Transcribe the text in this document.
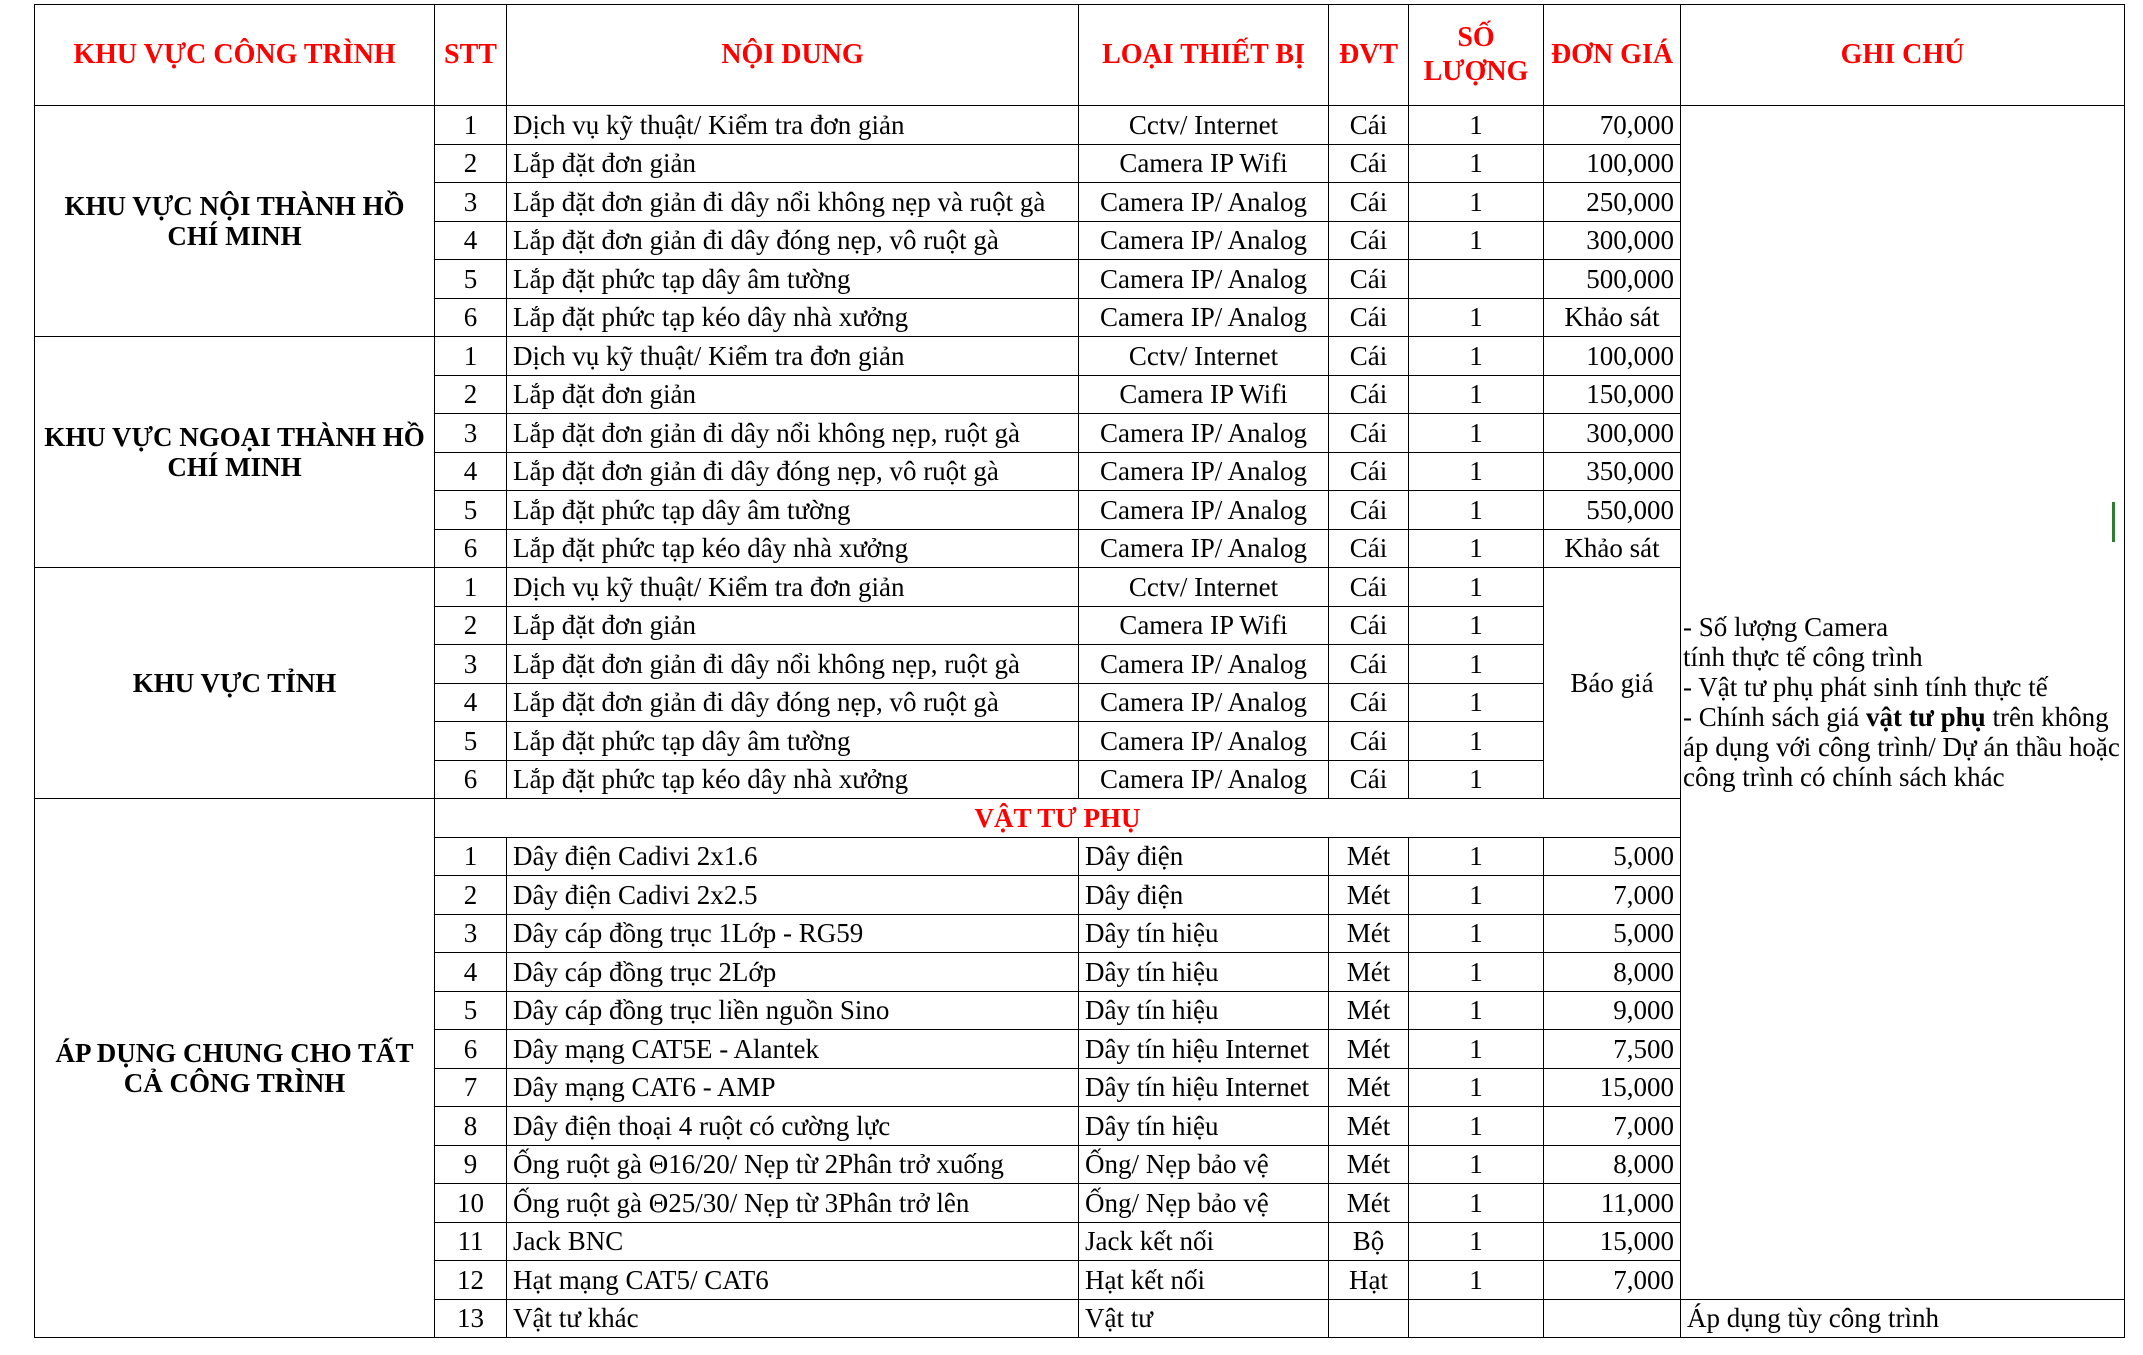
KHU VỰC CÔNG TRÌNH	STT	NỘI DUNG	LOẠI THIẾT BỊ	ĐVT	SỐ LƯỢNG	ĐƠN GIÁ	GHI CHÚ
KHU VỰC NỘI THÀNH HỒ CHÍ MINH	1	Dịch vụ kỹ thuật/ Kiểm tra đơn giản	Cctv/ Internet	Cái	1	70,000	- Số lượng Camera
tính thực tế công trình
- Vật tư phụ phát sinh tính thực tế
- Chính sách giá vật tư phụ trên không áp dụng với công trình/ Dự án thầu hoặc công trình có chính sách khác

	2	Lắp đặt đơn giản	Camera IP Wifi	Cái	1	100,000	
	3	Lắp đặt đơn giản đi dây nổi không nẹp và ruột gà	Camera IP/ Analog	Cái	1	250,000	
	4	Lắp đặt đơn giản đi dây đóng nẹp, vô ruột gà	Camera IP/ Analog	Cái	1	300,000	
	5	Lắp đặt phức tạp dây âm tường	Camera IP/ Analog	Cái		500,000	
	6	Lắp đặt phức tạp kéo dây nhà xưởng	Camera IP/ Analog	Cái	1	Khảo sát	
KHU VỰC NGOẠI THÀNH HỒ CHÍ MINH	1	Dịch vụ kỹ thuật/ Kiểm tra đơn giản	Cctv/ Internet	Cái	1	100,000	
	2	Lắp đặt đơn giản	Camera IP Wifi	Cái	1	150,000	
	3	Lắp đặt đơn giản đi dây nổi không nẹp, ruột gà	Camera IP/ Analog	Cái	1	300,000	
	4	Lắp đặt đơn giản đi dây đóng nẹp, vô ruột gà	Camera IP/ Analog	Cái	1	350,000	
	5	Lắp đặt phức tạp dây âm tường	Camera IP/ Analog	Cái	1	550,000	
	6	Lắp đặt phức tạp kéo dây nhà xưởng	Camera IP/ Analog	Cái	1	Khảo sát	
KHU VỰC TỈNH	1	Dịch vụ kỹ thuật/ Kiểm tra đơn giản	Cctv/ Internet	Cái	1	Báo giá	
	2	Lắp đặt đơn giản	Camera IP Wifi	Cái	1		
	3	Lắp đặt đơn giản đi dây nổi không nẹp, ruột gà	Camera IP/ Analog	Cái	1		
	4	Lắp đặt đơn giản đi dây đóng nẹp, vô ruột gà	Camera IP/ Analog	Cái	1		
	5	Lắp đặt phức tạp dây âm tường	Camera IP/ Analog	Cái	1		
	6	Lắp đặt phức tạp kéo dây nhà xưởng	Camera IP/ Analog	Cái	1		
ÁP DỤNG CHUNG CHO TẤT CẢ CÔNG TRÌNH	VẬT TƯ PHỤ						
	1	Dây điện Cadivi 2x1.6	Dây điện	Mét	1	5,000	
	2	Dây điện Cadivi 2x2.5	Dây điện	Mét	1	7,000	
	3	Dây cáp đồng trục 1Lớp - RG59	Dây tín hiệu	Mét	1	5,000	
	4	Dây cáp đồng trục 2Lớp	Dây tín hiệu	Mét	1	8,000	
	5	Dây cáp đồng trục liền nguồn Sino	Dây tín hiệu	Mét	1	9,000	
	6	Dây mạng CAT5E - Alantek	Dây tín hiệu Internet	Mét	1	7,500	
	7	Dây mạng CAT6 - AMP	Dây tín hiệu Internet	Mét	1	15,000	
	8	Dây điện thoại 4 ruột có cường lực	Dây tín hiệu	Mét	1	7,000	
	9	Ống ruột gà Θ16/20/ Nẹp từ 2Phân trở xuống	Ống/ Nẹp bảo vệ	Mét	1	8,000	
	10	Ống ruột gà Θ25/30/ Nẹp từ 3Phân trở lên	Ống/ Nẹp bảo vệ	Mét	1	11,000	
	11	Jack BNC	Jack kết nối	Bộ	1	15,000	
	12	Hạt mạng CAT5/ CAT6	Hạt kết nối	Hạt	1	7,000	
	13	Vật tư khác	Vật tư				Áp dụng tùy công trình
